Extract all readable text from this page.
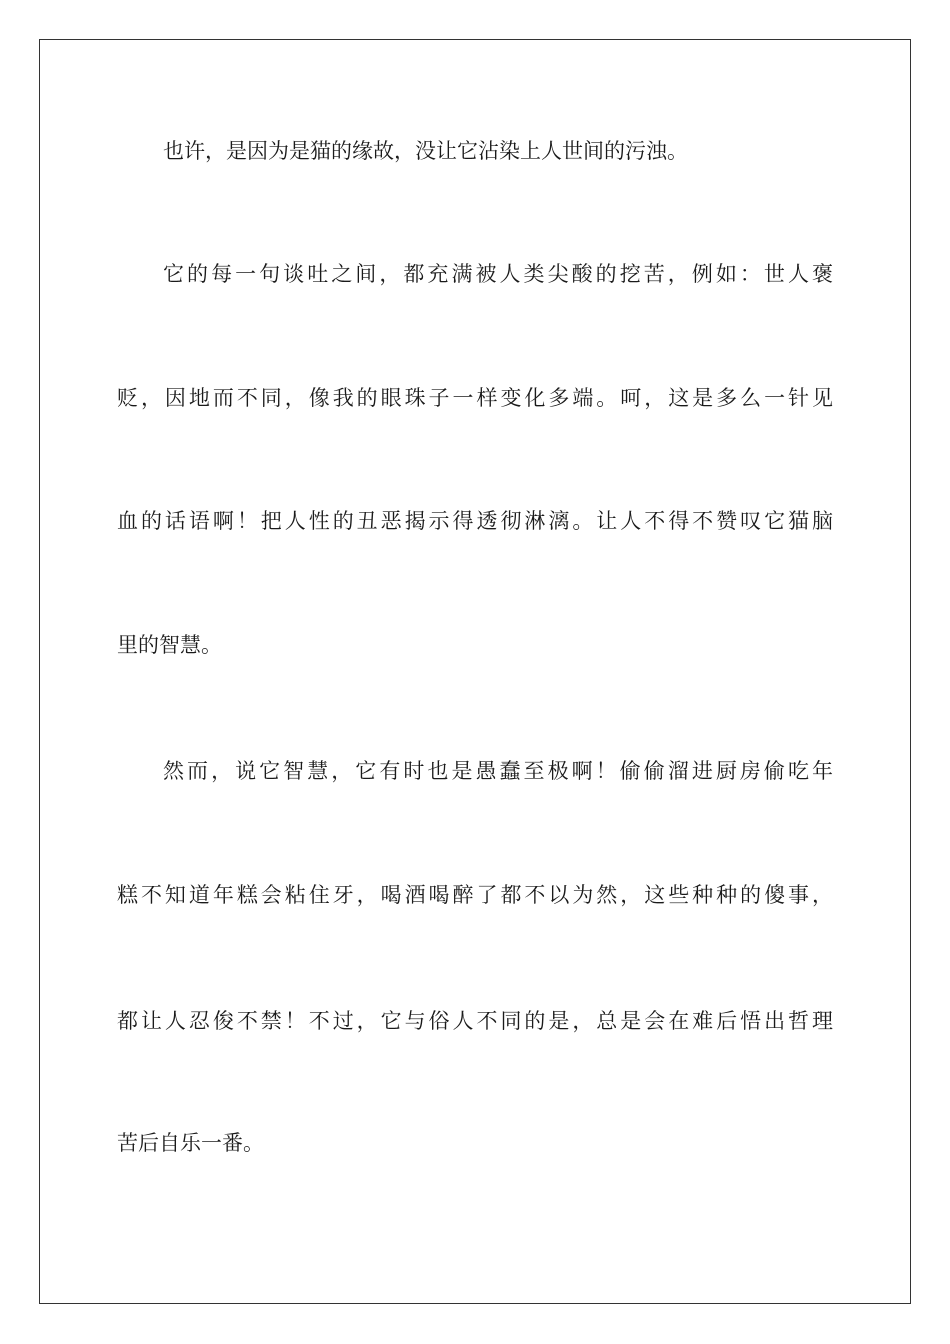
也许，是因为是猫的缘故，没让它沾染上人世间的污浊。
它的每一句谈吐之间，都充满被人类尖酸的挖苦，例如：世人褒
贬，因地而不同，像我的眼珠子一样变化多端。呵，这是多么一针见
血的话语啊！把人性的丑恶揭示得透彻淋漓。让人不得不赞叹它猫脑
里的智慧。
然而，说它智慧，它有时也是愚蠢至极啊！偷偷溜进厨房偷吃年
糕不知道年糕会粘住牙，喝酒喝醉了都不以为然，这些种种的傻事，
都让人忍俊不禁！不过，它与俗人不同的是，总是会在难后悟出哲理
苦后自乐一番。
